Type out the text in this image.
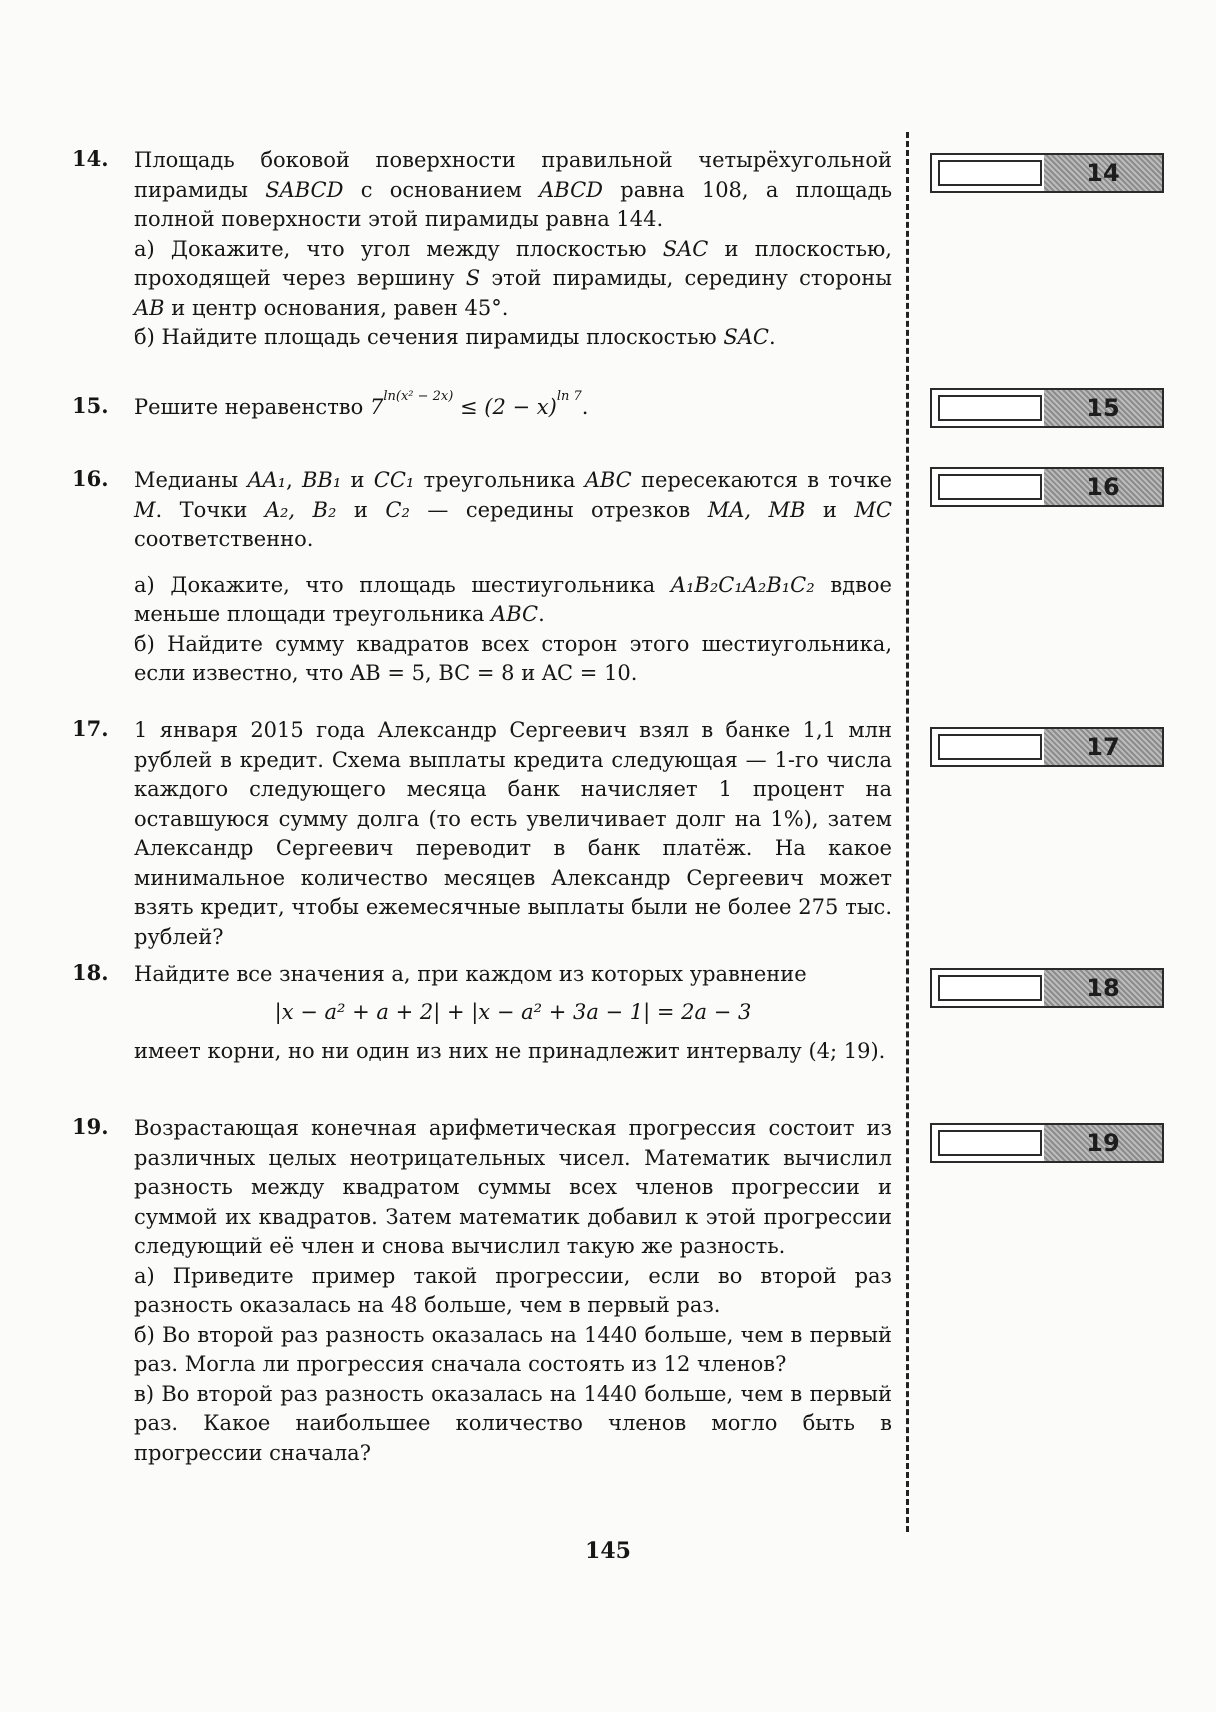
14. Площадь боковой поверхности правильной четырёхугольной пирамиды SABCD с основанием ABCD равна 108, а площадь полной поверхности этой пирамиды равна 144.

а) Докажите, что угол между плоскостью SAC и плоскостью, проходящей через вершину S этой пирамиды, середину стороны AB и центр основания, равен 45°.

б) Найдите площадь сечения пирамиды плоскостью SAC.

15. Решите неравенство $7^{ln(x^2 - 2x)} \le (2 - x)^{ln 7}$.
16. Медианы AA₁, BB₁ и CC₁ треугольника ABC пересекаются в точке M. Точки A₂, B₂ и C₂ — середины отрезков MA, MB и MC соответственно.

а) Докажите, что площадь шестиугольника A₁B₂C₁A₂B₁C₂ вдвое меньше площади треугольника ABC.

б) Найдите сумму квадратов всех сторон этого шестиугольника, если известно, что AB = 5, BC = 8 и AC = 10.

17. 1 января 2015 года Александр Сергеевич взял в банке 1,1 млн рублей в кредит. Схема выплаты кредита следующая — 1-го числа каждого следующего месяца банк начисляет 1 процент на оставшуюся сумму долга (то есть увеличивает долг на 1%), затем Александр Сергеевич переводит в банк платёж. На какое минимальное количество месяцев Александр Сергеевич может взять кредит, чтобы ежемесячные выплаты были не более 275 тыс. рублей?
18. Найдите все значения a, при каждом из которых уравнение

|x − a² + a + 2| + |x − a² + 3a − 1| = 2a − 3

имеет корни, но ни один из них не принадлежит интервалу (4; 19).

19. Возрастающая конечная арифметическая прогрессия состоит из различных целых неотрицательных чисел. Математик вычислил разность между квадратом суммы всех членов прогрессии и суммой их квадратов. Затем математик добавил к этой прогрессии следующий её член и снова вычислил такую же разность.

а) Приведите пример такой прогрессии, если во второй раз разность оказалась на 48 больше, чем в первый раз.

б) Во второй раз разность оказалась на 1440 больше, чем в первый раз. Могла ли прогрессия сначала состоять из 12 членов?

в) Во второй раз разность оказалась на 1440 больше, чем в первый раз. Какое наибольшее количество членов могло быть в прогрессии сначала?

14
15
16
17
18
19
145
